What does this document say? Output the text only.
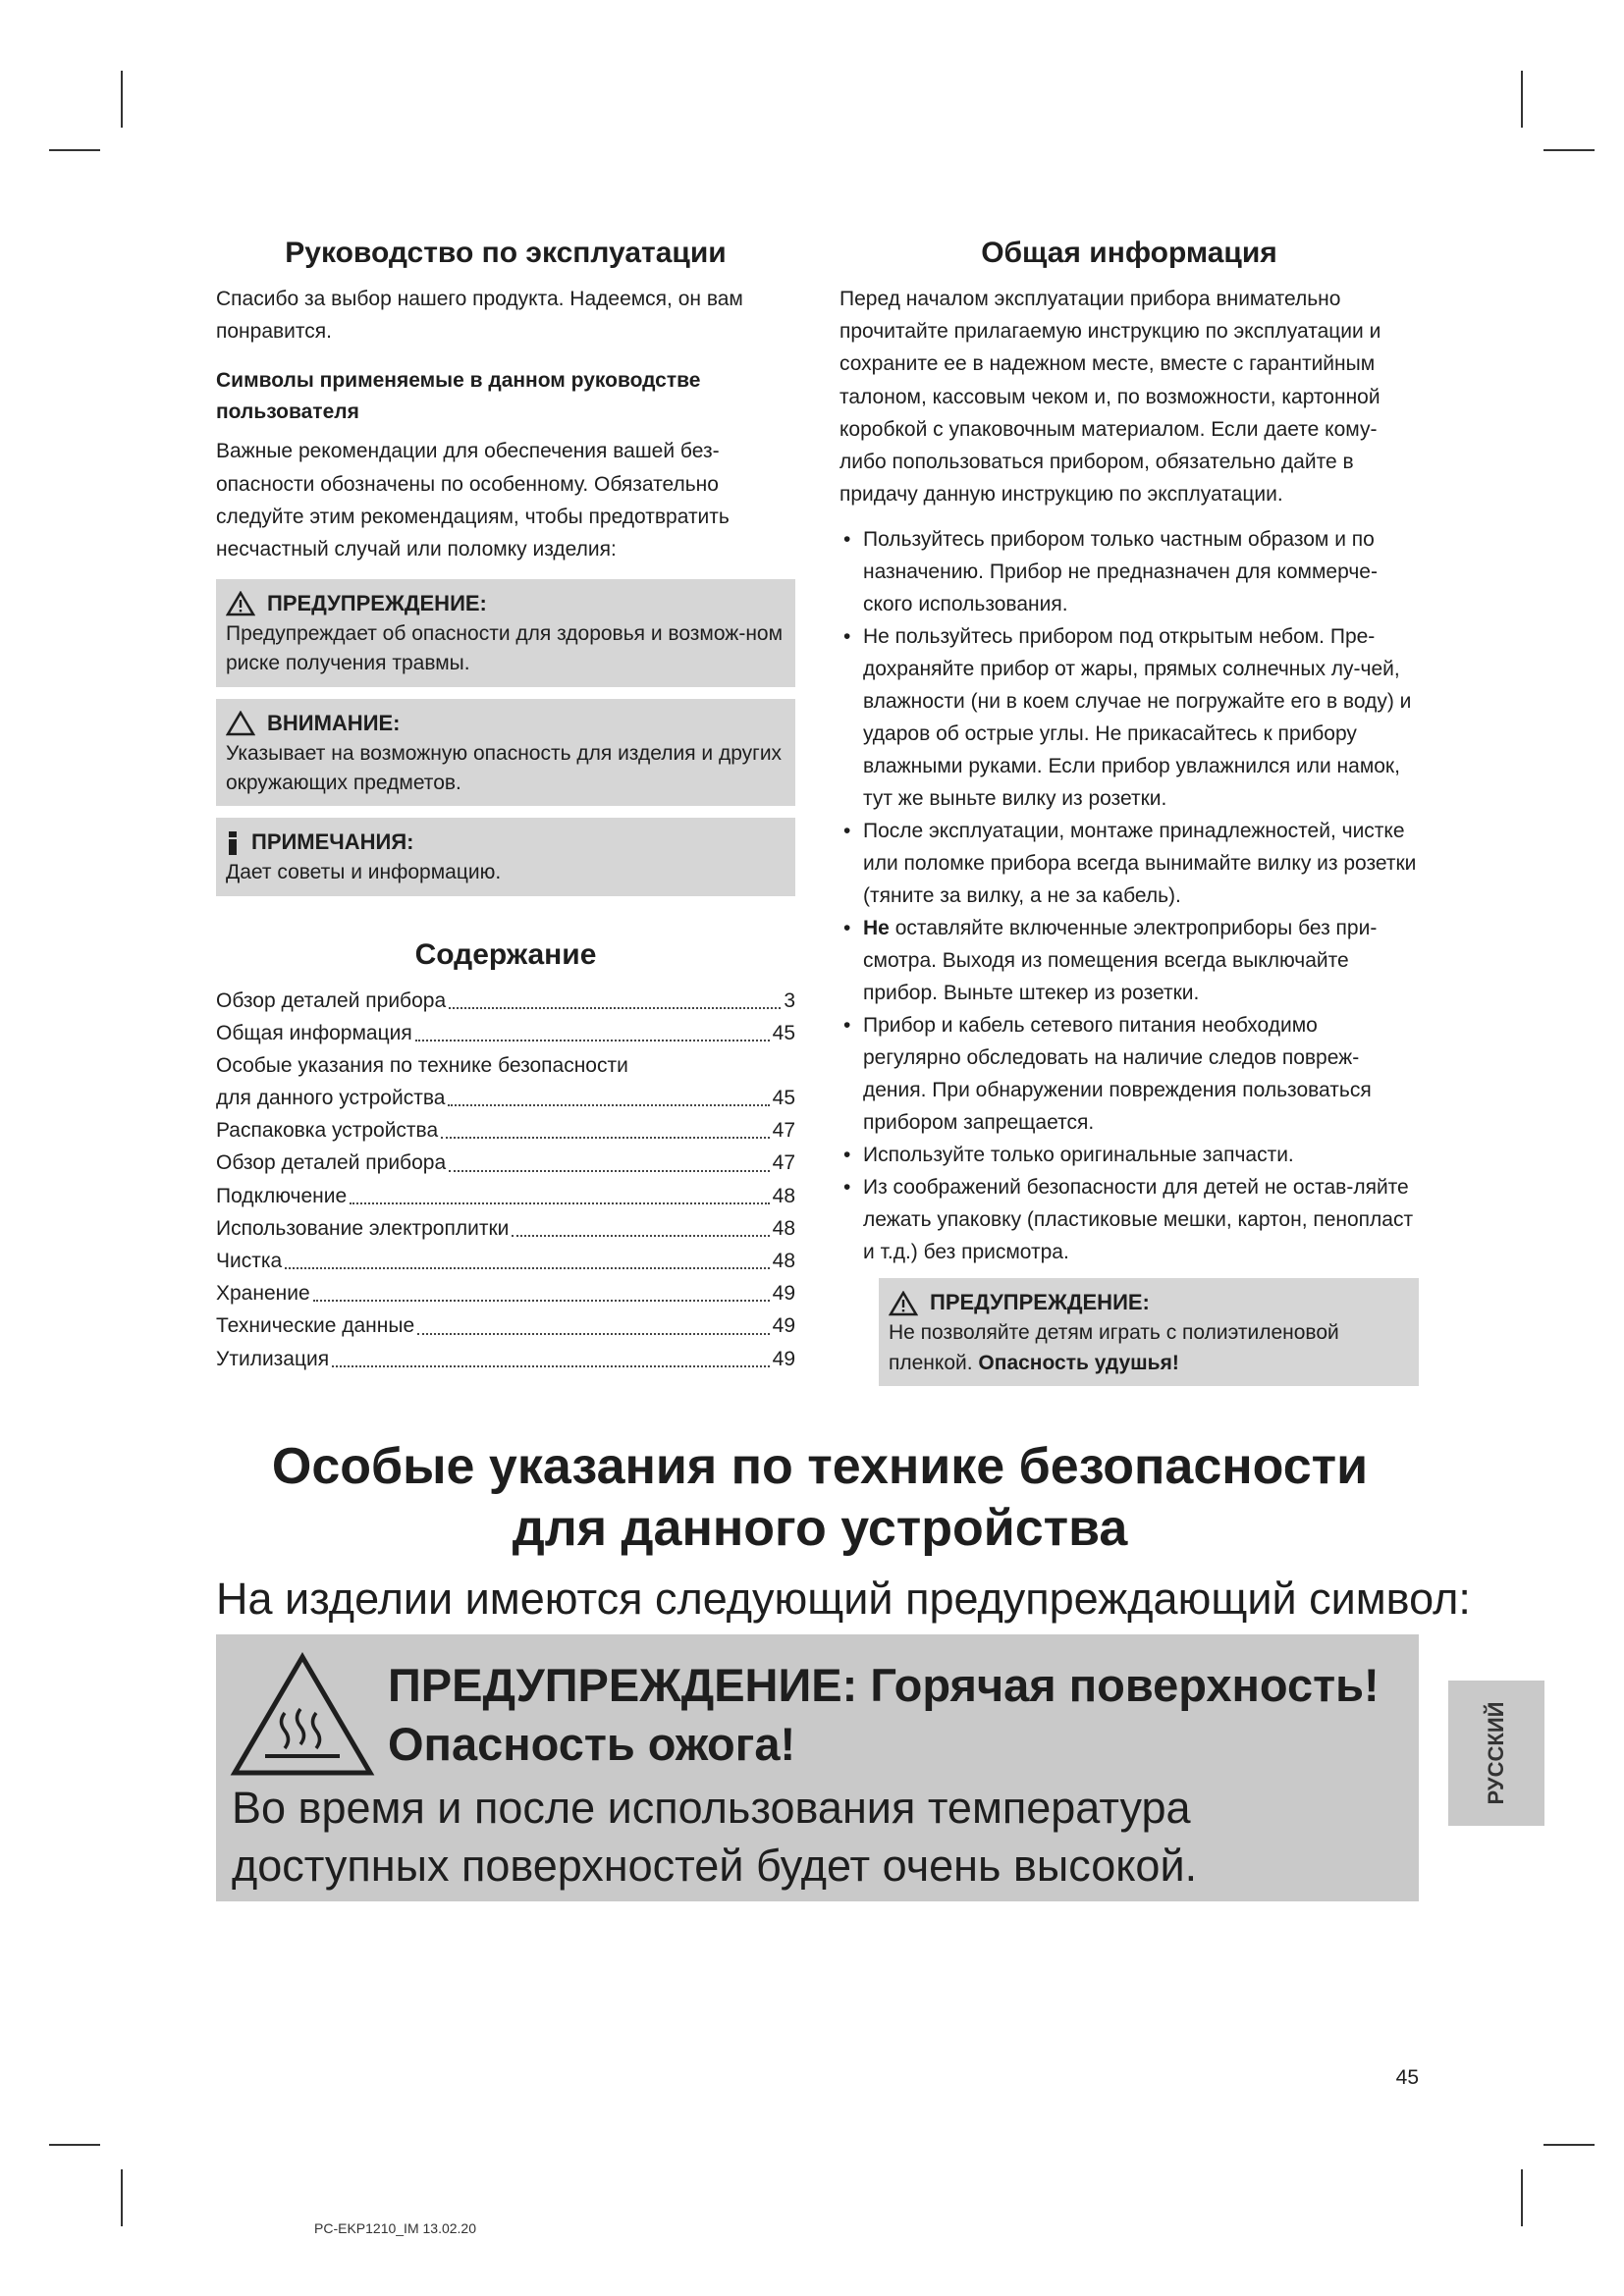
Руководство по эксплуатации

Спасибо за выбор нашего продукта. Надеемся, он вам понравится.

Символы применяемые в данном руководстве пользователя

Важные рекомендации для обеспечения вашей без-опасности обозначены по особенному. Обязательно следуйте этим рекомендациям, чтобы предотвратить несчастный случай или поломку изделия:

ПРЕДУПРЕЖДЕНИЕ:
Предупреждает об опасности для здоровья и возмож-ном риске получения травмы.
ВНИМАНИЕ:
Указывает на возможную опасность для изделия и других окружающих предметов.
ПРИМЕЧАНИЯ:
Дает советы и информацию.
Содержание
Обзор деталей прибора	3
Общая информация	45
Особые указания по технике безопасности
для данного устройства	45
Распаковка устройства	47
Обзор деталей прибора	47
Подключение	48
Использование электроплитки	48
Чистка	48
Хранение	49
Технические данные	49
Утилизация	49
Общая информация

Перед началом эксплуатации прибора внимательно прочитайте прилагаемую инструкцию по эксплуатации и сохраните ее в надежном месте, вместе с гарантийным талоном, кассовым чеком и, по возможности, картонной коробкой с упаковочным материалом. Если даете кому-либо попользоваться прибором, обязательно дайте в придачу данную инструкцию по эксплуатации.

• Пользуйтесь прибором только частным образом и по назначению. Прибор не предназначен для коммерче-ского использования.
• Не пользуйтесь прибором под открытым небом. Пре-дохраняйте прибор от жары, прямых солнечных лу-чей, влажности (ни в коем случае не погружайте его в воду) и ударов об острые углы. Не прикасайтесь к прибору влажными руками. Если прибор увлажнился или намок, тут же выньте вилку из розетки.
• После эксплуатации, монтаже принадлежностей, чистке или поломке прибора всегда вынимайте вилку из розетки (тяните за вилку, а не за кабель).
• Не оставляйте включенные электроприборы без при-смотра. Выходя из помещения всегда выключайте прибор. Выньте штекер из розетки.
• Прибор и кабель сетевого питания необходимо регулярно обследовать на наличие следов повреж-дения. При обнаружении повреждения пользоваться прибором запрещается.
• Используйте только оригинальные запчасти.
• Из соображений безопасности для детей не остав-ляйте лежать упаковку (пластиковые мешки, картон, пенопласт и т.д.) без присмотра.
ПРЕДУПРЕЖДЕНИЕ:
Не позволяйте детям играть с полиэтиленовой пленкой. Опасность удушья!
Особые указания по технике безопасности
для данного устройства

На изделии имеются следующий предупреждающий символ:

ПРЕДУПРЕЖДЕНИЕ: Горячая поверхность!
Опасность ожога!
Во время и после использования температура доступных поверхностей будет очень высокой.
РУССКИЙ
45
PC-EKP1210_IM 13.02.20
